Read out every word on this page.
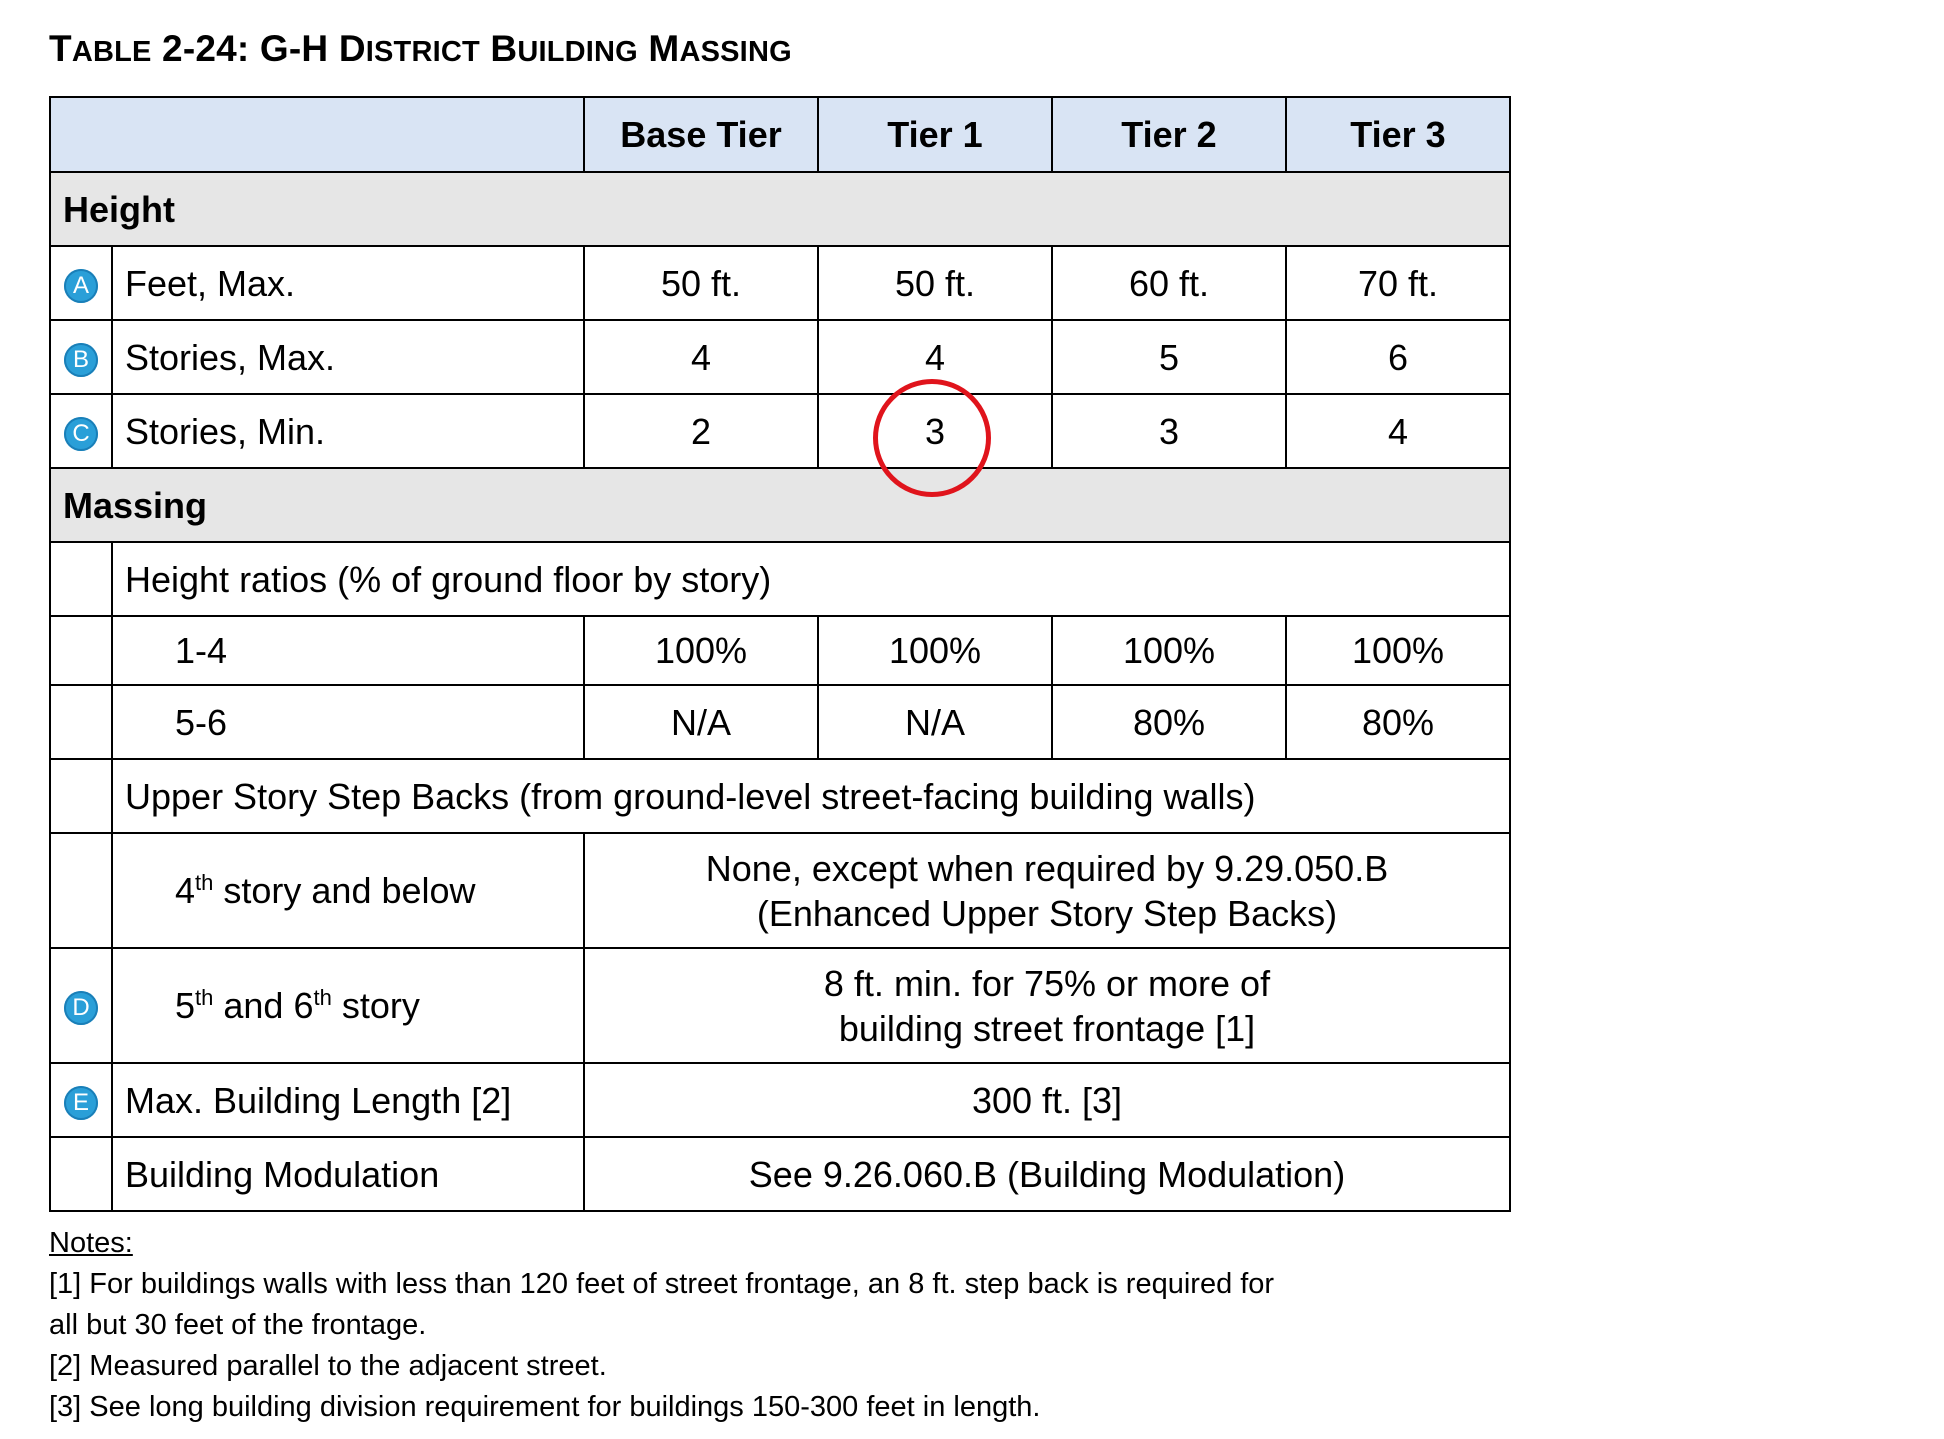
TABLE 2-24: G-H DISTRICT BUILDING MASSING
		Base Tier	Tier 1	Tier 2	Tier 3
Height					
A	Feet, Max.	50 ft.	50 ft.	60 ft.	70 ft.
B	Stories, Max.	4	4	5	6
C	Stories, Min.	2	3	3	4
Massing					
	Height ratios (% of ground floor by story)				
	1-4	100%	100%	100%	100%
	5-6	N/A	N/A	80%	80%
	Upper Story Step Backs (from ground-level street-facing building walls)				
	4th story and below	None, except when required by 9.29.050.B
(Enhanced Upper Story Step Backs)			

D	5th and 6th story	8 ft. min. for 75% or more of
building street frontage [1]			

E	Max. Building Length [2]	300 ft. [3]			
	Building Modulation	See 9.26.060.B (Building Modulation)			
Notes:
[1] For buildings walls with less than 120 feet of street frontage, an 8 ft. step back is required for
all but 30 feet of the frontage.
[2] Measured parallel to the adjacent street.
[3] See long building division requirement for buildings 150-300 feet in length.
